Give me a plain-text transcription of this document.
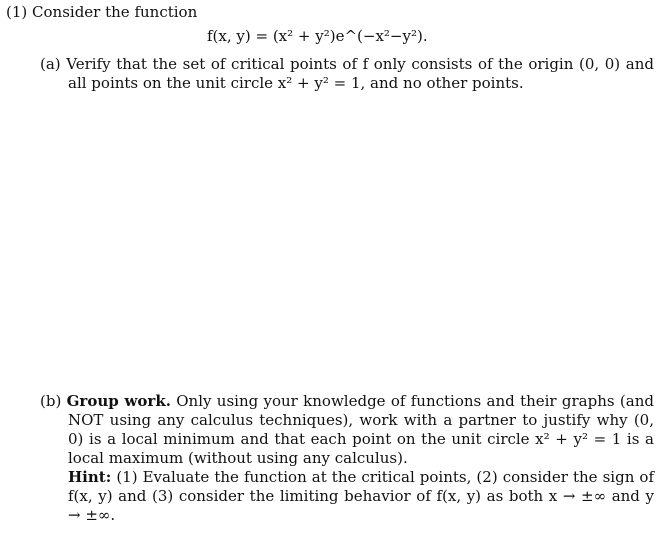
(1) Consider the function
f(x, y) = (x² + y²)e^(−x²−y²).
(a) Verify that the set of critical points of f only consists of the origin (0, 0) and all points on the unit circle x² + y² = 1, and no other points.
(b) Group work. Only using your knowledge of functions and their graphs (and NOT using any calculus techniques), work with a partner to justify why (0, 0) is a local minimum and that each point on the unit circle x² + y² = 1 is a local maximum (without using any calculus).
Hint: (1) Evaluate the function at the critical points, (2) consider the sign of f(x, y) and (3) consider the limiting behavior of f(x, y) as both x → ±∞ and y → ±∞.
